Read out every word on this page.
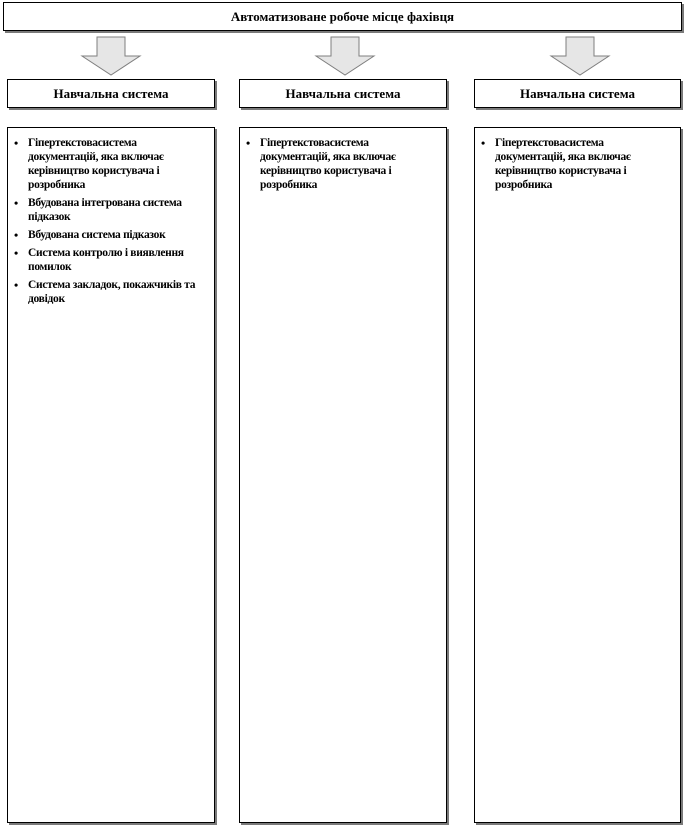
Автоматизоване робоче місце фахівця
Навчальна система	Навчальна система	Навчальна система
• Гіпертекстовасистема документацій, яка включає керівництво користувача і розробника
• Вбудована інтегрована система підказок
• Вбудована система підказок
• Система контролю і виявлення помилок
• Система закладок, покажчиків та довідок
• Гіпертекстовасистема документацій, яка включає керівництво користувача і розробника
• Гіпертекстовасистема документацій, яка включає керівництво користувача і розробника
